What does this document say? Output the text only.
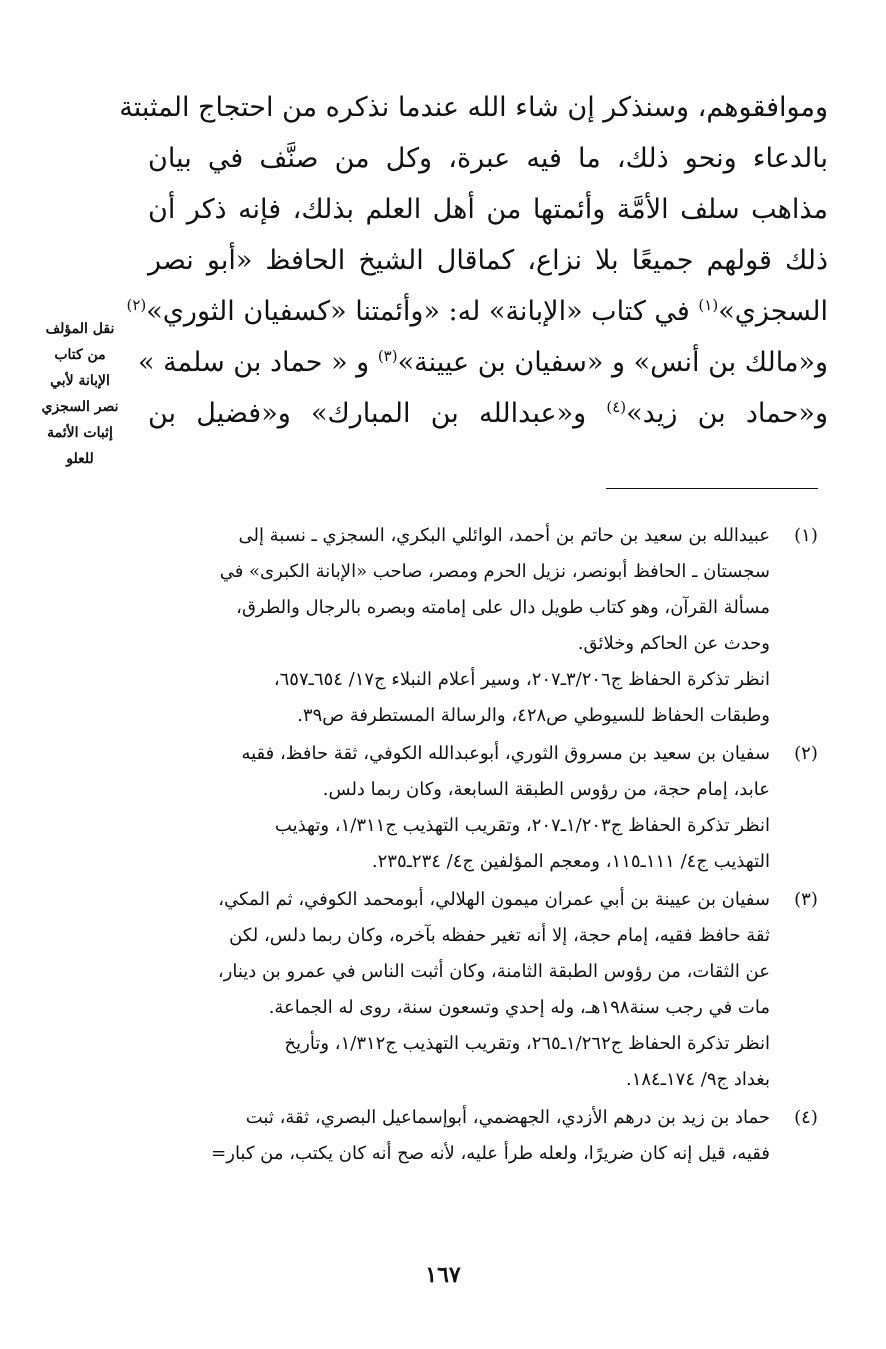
وموافقوهم، وسنذكر إن شاء الله عندما نذكره من احتجاج المثبتة
بالدعاء ونحو ذلك، ما فيه عبرة، وكل من صنَّف في بيان
مذاهب سلف الأمَّة وأئمتها من أهل العلم بذلك، فإنه ذكر أن
ذلك قولهم جميعًا بلا نزاع، كماقال الشيخ الحافظ «أبو نصر
السجزي»$^{(١)}$ في كتاب «الإبانة» له: «وأئمتنا «كسفيان الثوري»$^{(٢)}$
و«مالك بن أنس» و «سفيان بن عيينة»$^{(٣)}$ و « حماد بن سلمة »
و«حماد بن زيد»$^{(٤)}$ و«عبدالله بن المبارك» و«فضيل بن
نقل المؤلف
من كتاب
الإبانة لأبي
نصر السجزي
إثبات الأئمة
للعلو
(١)
عبيدالله بن سعيد بن حاتم بن أحمد، الوائلي البكري، السجزي ـ نسبة إلى
سجستان ـ الحافظ أبونصر، نزيل الحرم ومصر، صاحب «الإبانة الكبرى» في
مسألة القرآن، وهو كتاب طويل دال على إمامته وبصره بالرجال والطرق،
وحدث عن الحاكم وخلائق.
انظر تذكرة الحفاظ ج٣/٢٠٦ـ٢٠٧، وسير أعلام النبلاء ج١٧/ ٦٥٤ـ٦٥٧،
وطبقات الحفاظ للسيوطي ص٤٢٨، والرسالة المستطرفة ص٣٩.
(٢)
سفيان بن سعيد بن مسروق الثوري، أبوعبدالله الكوفي، ثقة حافظ، فقيه
عابد، إمام حجة، من رؤوس الطبقة السابعة، وكان ربما دلس.
انظر تذكرة الحفاظ ج١/٢٠٣ـ٢٠٧، وتقريب التهذيب ج١/٣١١، وتهذيب
التهذيب ج٤/ ١١١ـ١١٥، ومعجم المؤلفين ج٤/ ٢٣٤ـ٢٣٥.
(٣)
سفيان بن عيينة بن أبي عمران ميمون الهلالي، أبومحمد الكوفي، ثم المكي،
ثقة حافظ فقيه، إمام حجة، إلا أنه تغير حفظه بآخره، وكان ربما دلس، لكن
عن الثقات، من رؤوس الطبقة الثامنة، وكان أثبت الناس في عمرو بن دينار،
مات في رجب سنة١٩٨هـ، وله إحدي وتسعون سنة، روى له الجماعة.
انظر تذكرة الحفاظ ج١/٢٦٢ـ٢٦٥، وتقريب التهذيب ج١/٣١٢، وتأريخ
بغداد ج٩/ ١٧٤ـ١٨٤.
(٤)
حماد بن زيد بن درهم الأزدي، الجهضمي، أبوإسماعيل البصري، ثقة، ثبت
فقيه، قيل إنه كان ضريرًا، ولعله طرأ عليه، لأنه صح أنه كان يكتب، من كبار=
١٦٧
